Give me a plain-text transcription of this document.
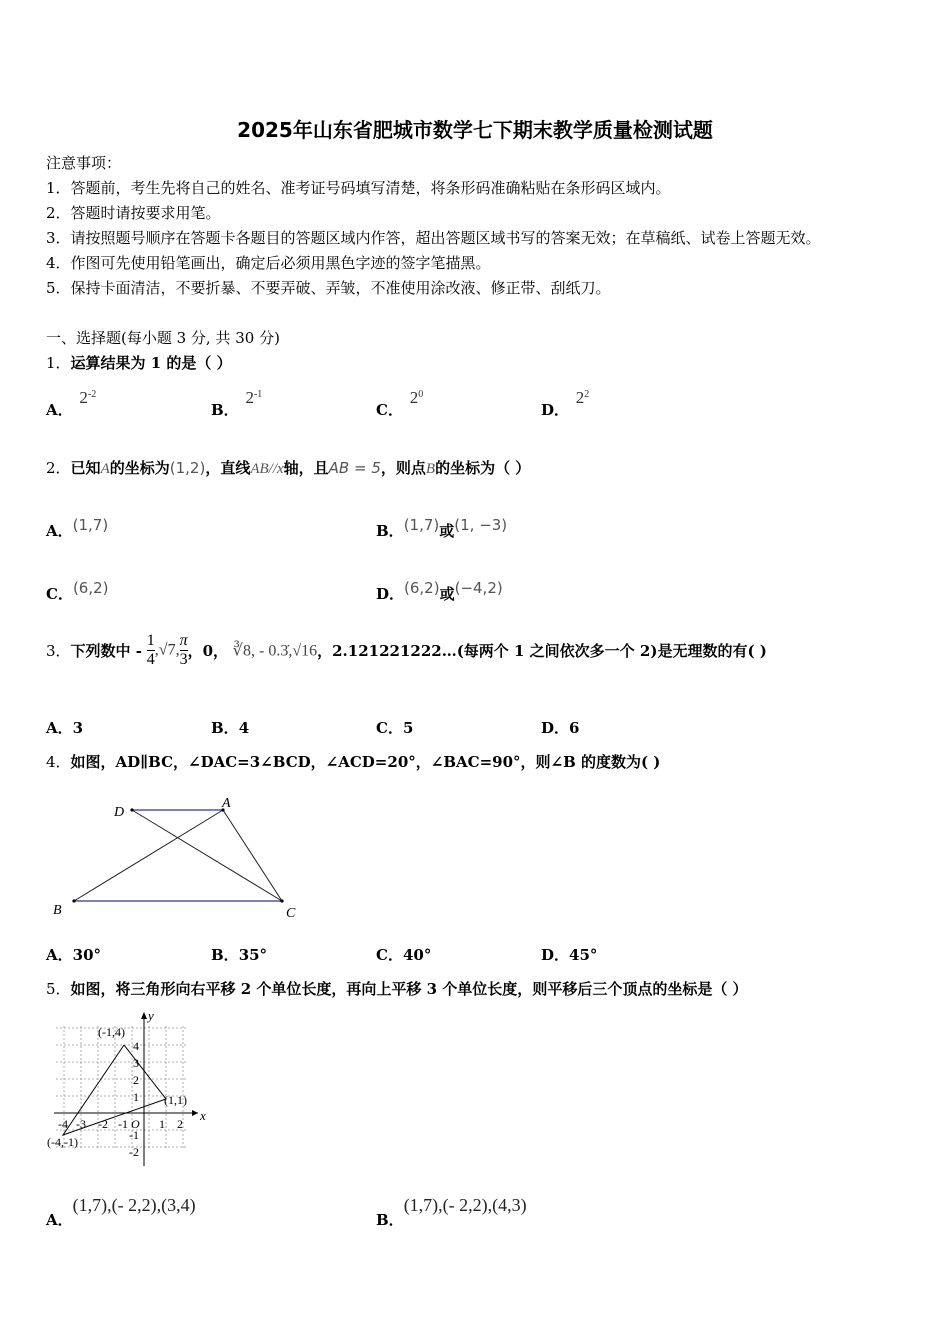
2025年山东省肥城市数学七下期末教学质量检测试题
注意事项：
1．答题前，考生先将自己的姓名、准考证号码填写清楚，将条形码准确粘贴在条形码区域内。
2．答题时请按要求用笔。
3．请按照题号顺序在答题卡各题目的答题区域内作答，超出答题区域书写的答案无效；在草稿纸、试卷上答题无效。
4．作图可先使用铅笔画出，确定后必须用黑色字迹的签字笔描黑。
5．保持卡面清洁，不要折暴、不要弄破、弄皱，不准使用涂改液、修正带、刮纸刀。
一、选择题(每小题 3 分, 共 30 分)
1．运算结果为 1 的是（ ）
A． $2^{-2}$
B． $2^{-1}$
C． $2^0$
D． $2^2$
2．已知A的坐标为(1,2)，直线AB//x轴，且AB = 5，则点B的坐标为（ ）
A．(1,7)	B．(1,7)或(1, −3)
C．(6,2)	D．(6,2)或(−4,2)
3．下列数中 - $\frac{1}{4} ,√7$, $\frac{\pi}{3}$ ，0， ∛8, - 0.3̇,√16，2.121221222…(每两个 1 之间依次多一个 2)是无理数的有( )
A．3	B．4	C．5	D．6
4．如图，AD∥BC，∠DAC=3∠BCD，∠ACD=20°，∠BAC=90°，则∠B 的度数为( )
D
A
B	C
A．30°	B．35°	C．40°	D．45°
5．如图，将三角形向右平移 2 个单位长度，再向上平移 3 个单位长度，则平移后三个顶点的坐标是（ ）
y
x
(-1,4)
(1,1)
(-4,-1)
-4 -3 -2 -1 O 1 2
4
3
2
1
-1
-2
A．(1,7),(- 2,2),(3,4)
B．(1,7),(- 2,2),(4,3)
